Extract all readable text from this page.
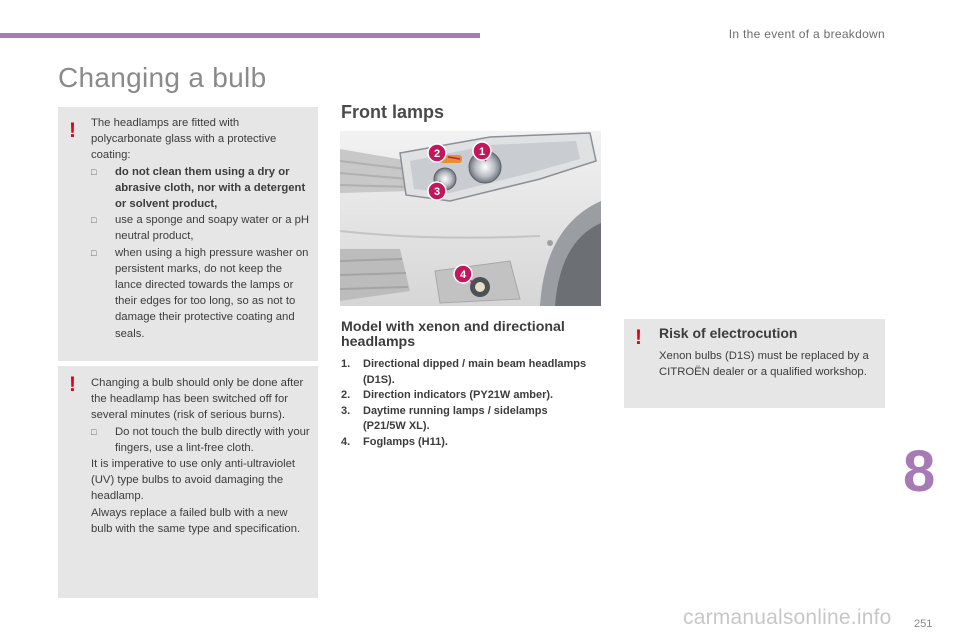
In the event of a breakdown
Changing a bulb
! The headlamps are fitted with polycarbonate glass with a protective coating:

□ do not clean them using a dry or abrasive cloth, nor with a detergent or solvent product,
□ use a sponge and soapy water or a pH neutral product,
□ when using a high pressure washer on persistent marks, do not keep the lance directed towards the lamps or their edges for too long, so as not to damage their protective coating and seals.
! Changing a bulb should only be done after the headlamp has been switched off for several minutes (risk of serious burns).

□ Do not touch the bulb directly with your fingers, use a lint-free cloth.

It is imperative to use only anti-ultraviolet (UV) type bulbs to avoid damaging the headlamp.

Always replace a failed bulb with a new bulb with the same type and specification.

Front lamps
2	1
3
4
Model with xenon and directional headlamps
1. Directional dipped / main beam headlamps (D1S).
2. Direction indicators (PY21W amber).
3. Daytime running lamps / sidelamps (P21/5W XL).
4. Foglamps (H11).
! Risk of electrocution
Xenon bulbs (D1S) must be replaced by a CITROËN dealer or a qualified workshop.
8
carmanualsonline.info 251
